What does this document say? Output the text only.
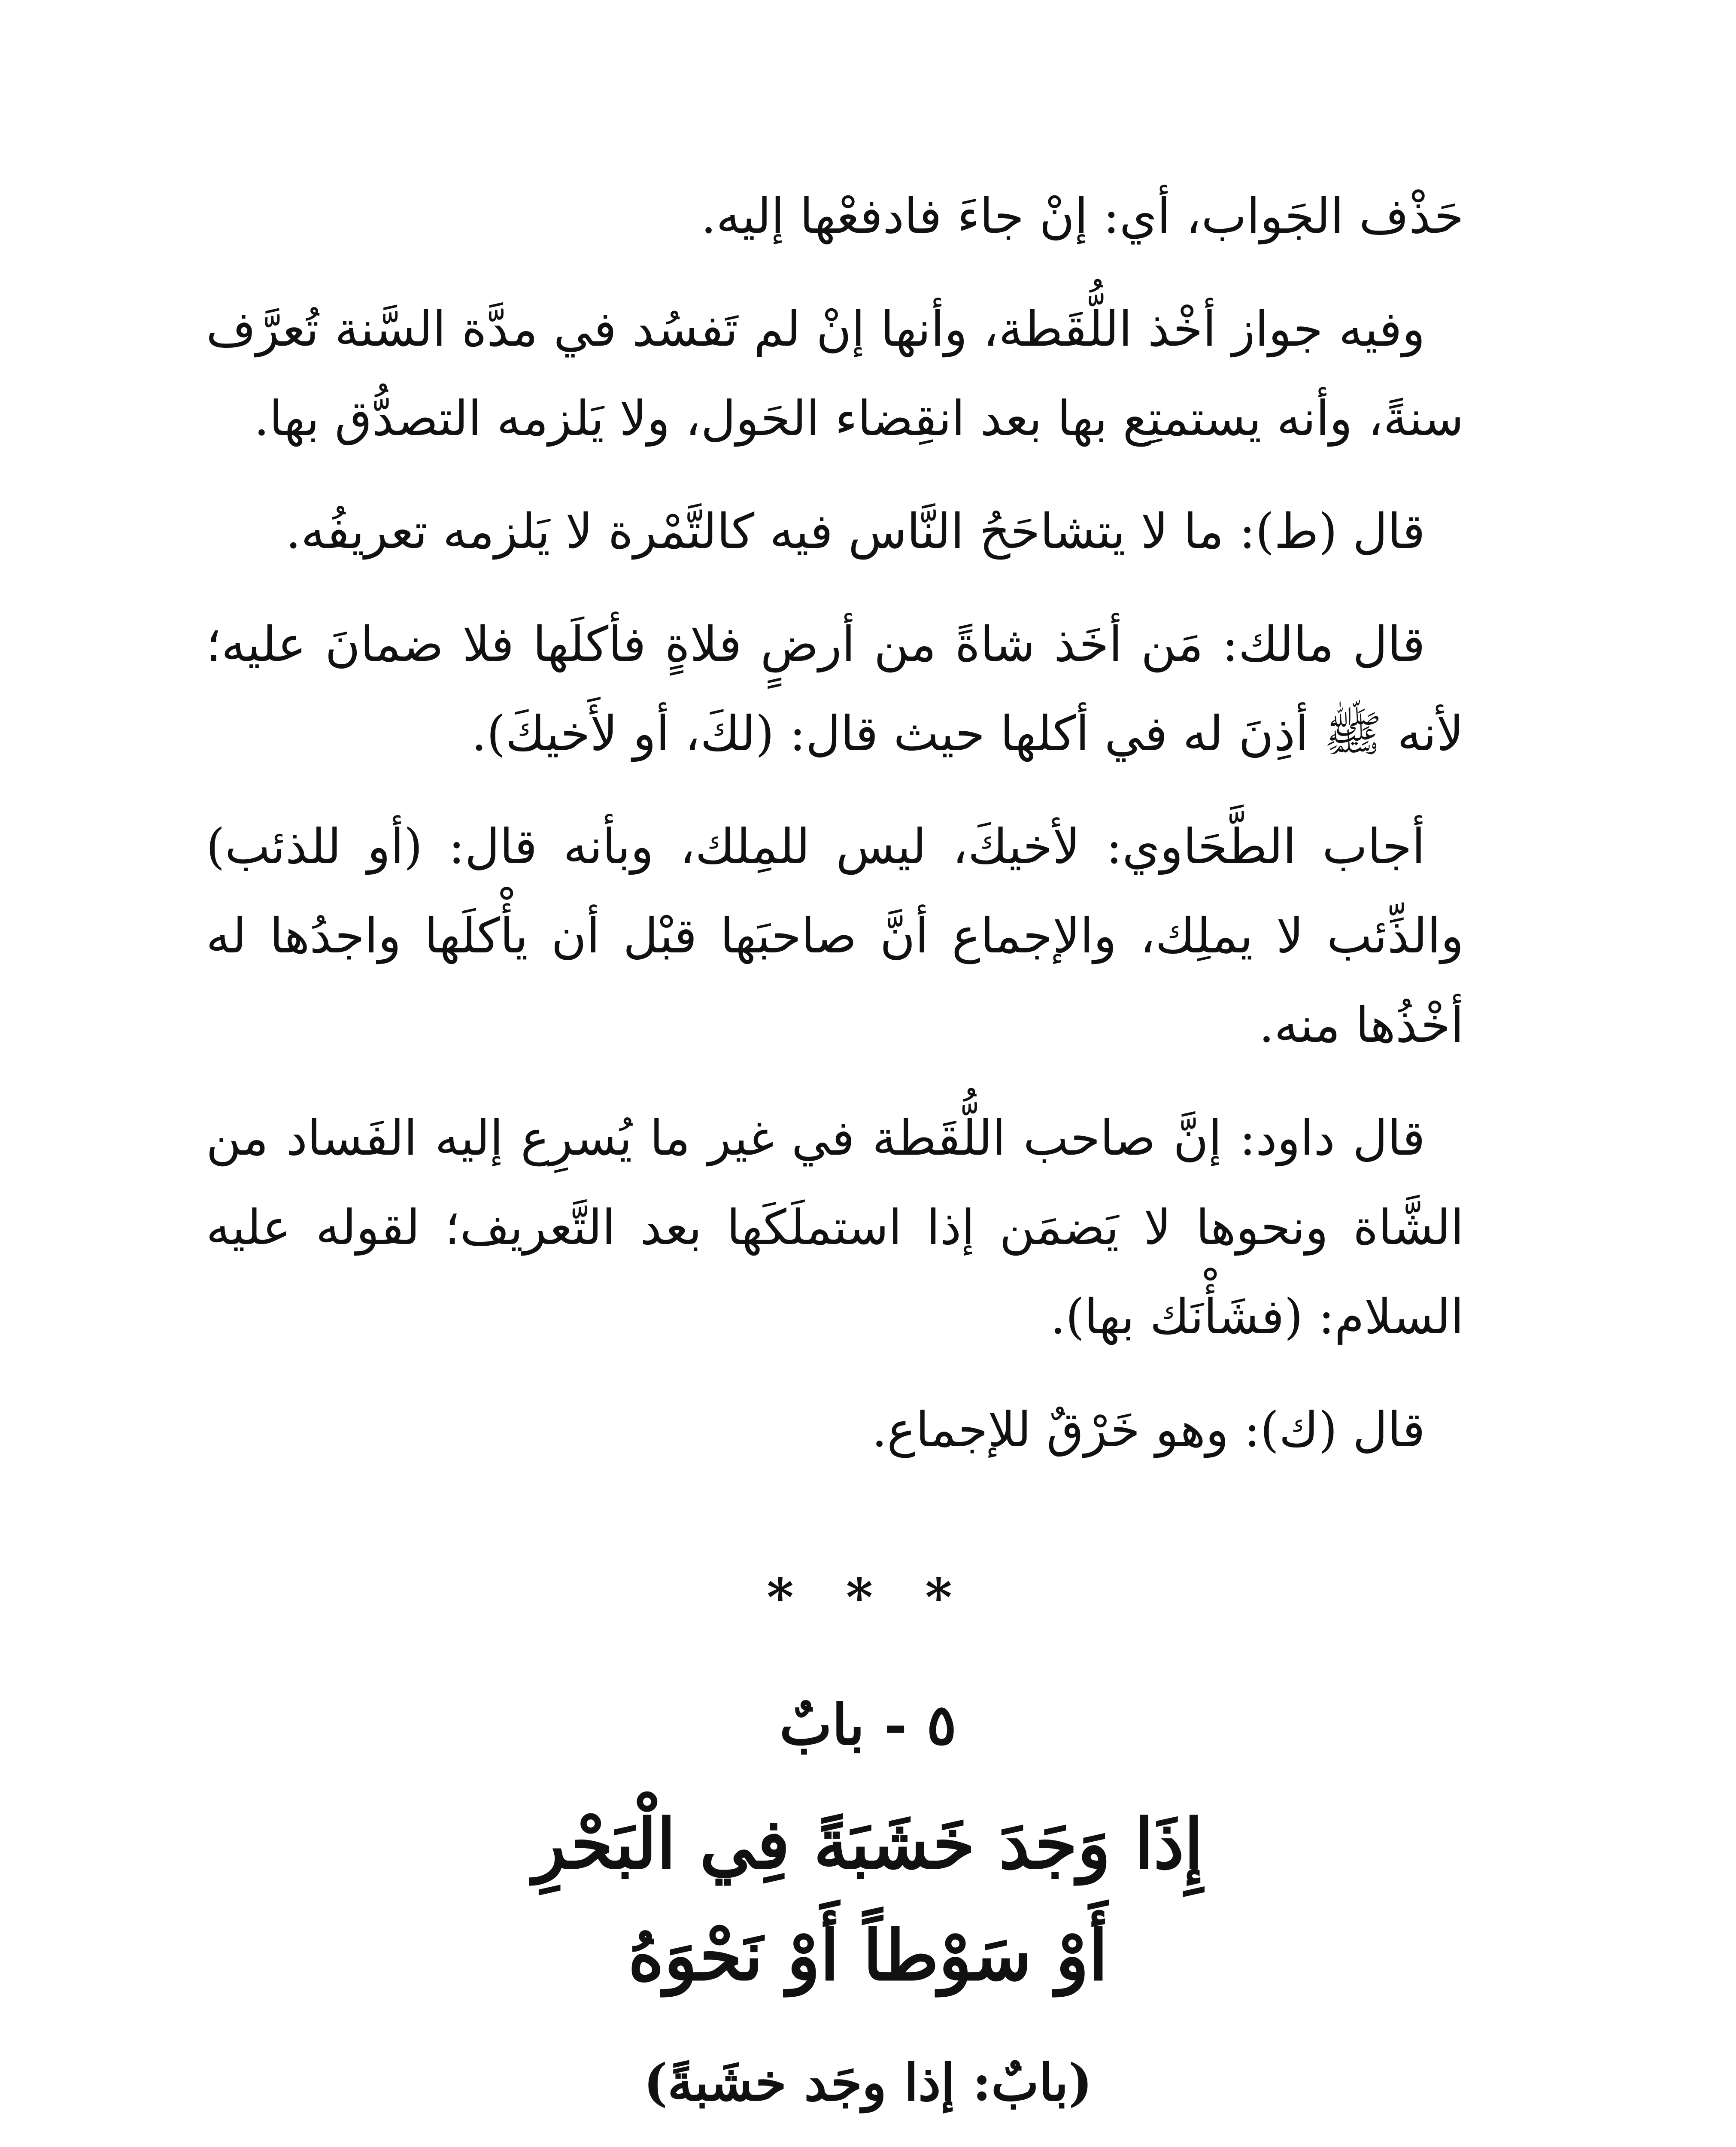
حَذْف الجَواب، أي: إنْ جاءَ فادفعْها إليه.

وفيه جواز أخْذ اللُّقَطة، وأنها إنْ لم تَفسُد في مدَّة السَّنة تُعرَّف سنةً، وأنه يستمتِع بها بعد انقِضاء الحَول، ولا يَلزمه التصدُّق بها.

قال (ط): ما لا يتشاحَحُ النَّاس فيه كالتَّمْرة لا يَلزمه تعريفُه.

قال مالك: مَن أخَذ شاةً من أرضٍ فلاةٍ فأكلَها فلا ضمانَ عليه؛ لأنه ﷺ أذِنَ له في أكلها حيث قال: (لكَ، أو لأَخيكَ).

أجاب الطَّحَاوي: لأخيكَ، ليس للمِلك، وبأنه قال: (أو للذئب) والذِّئب لا يملِك، والإجماع أنَّ صاحبَها قبْل أن يأْكلَها واجدُها له أخْذُها منه.

قال داود: إنَّ صاحب اللُّقَطة في غير ما يُسرِع إليه الفَساد من الشَّاة ونحوها لا يَضمَن إذا استملَكَها بعد التَّعريف؛ لقوله عليه السلام: (فشَأْنَك بها).

قال (ك): وهو خَرْقٌ للإجماع.

* * *
٥ - بابٌ
إِذَا وَجَدَ خَشَبَةً فِي الْبَحْرِ
أَوْ سَوْطاً أَوْ نَحْوَهُ
(بابٌ: إذا وجَد خشَبةً)
